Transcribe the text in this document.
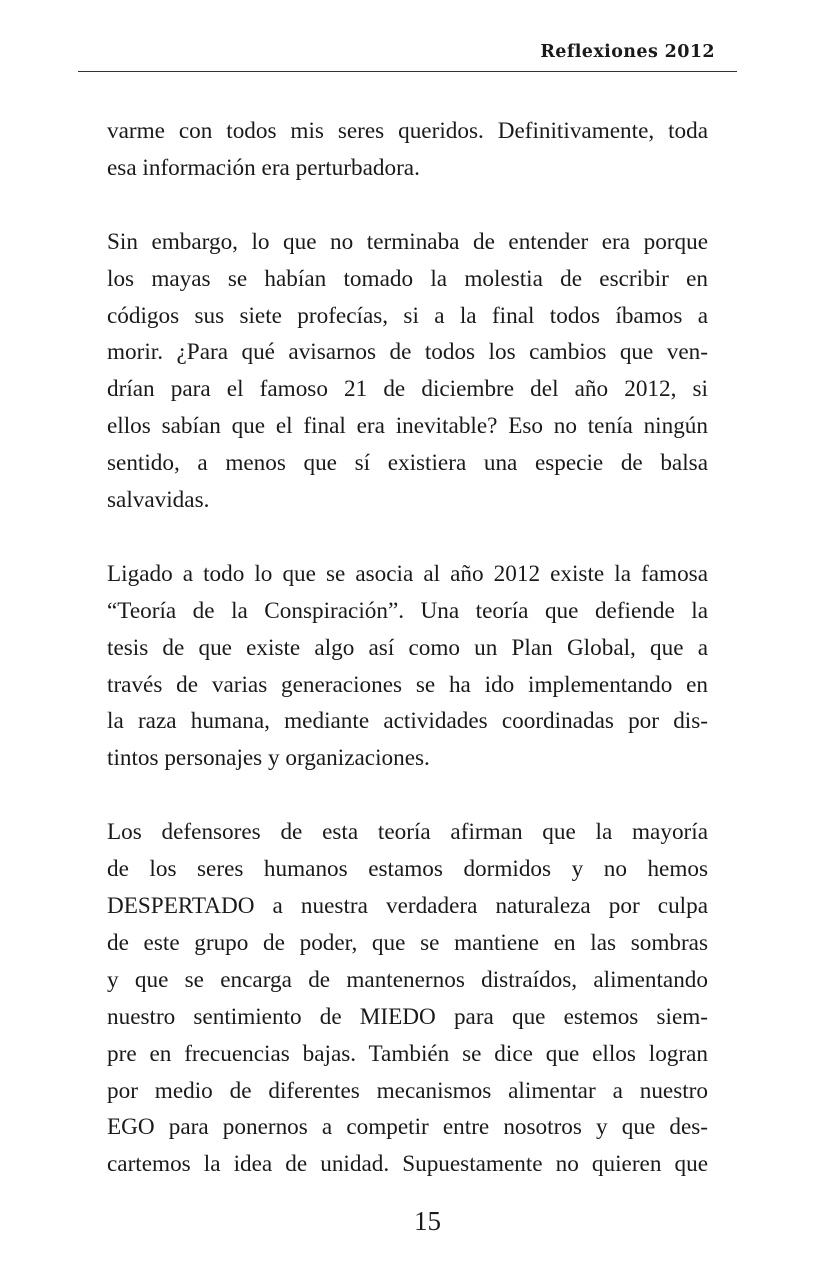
Reflexiones 2012

varme con todos mis seres queridos. Definitivamente, toda
esa información era perturbadora.

Sin embargo, lo que no terminaba de entender era porque
los mayas se habían tomado la molestia de escribir en
códigos sus siete profecías, si a la final todos íbamos a
morir. ¿Para qué avisarnos de todos los cambios que ven-
drían para el famoso 21 de diciembre del año 2012, si
ellos sabían que el final era inevitable? Eso no tenía ningún
sentido, a menos que sí existiera una especie de balsa
salvavidas.

Ligado a todo lo que se asocia al año 2012 existe la famosa
“Teoría de la Conspiración”. Una teoría que defiende la
tesis de que existe algo así como un Plan Global, que a
través de varias generaciones se ha ido implementando en
la raza humana, mediante actividades coordinadas por dis-
tintos personajes y organizaciones.

Los defensores de esta teoría afirman que la mayoría
de los seres humanos estamos dormidos y no hemos
DESPERTADO a nuestra verdadera naturaleza por culpa
de este grupo de poder, que se mantiene en las sombras
y que se encarga de mantenernos distraídos, alimentando
nuestro sentimiento de MIEDO para que estemos siem-
pre en frecuencias bajas. También se dice que ellos logran
por medio de diferentes mecanismos alimentar a nuestro
EGO para ponernos a competir entre nosotros y que des-
cartemos la idea de unidad. Supuestamente no quieren que

15
